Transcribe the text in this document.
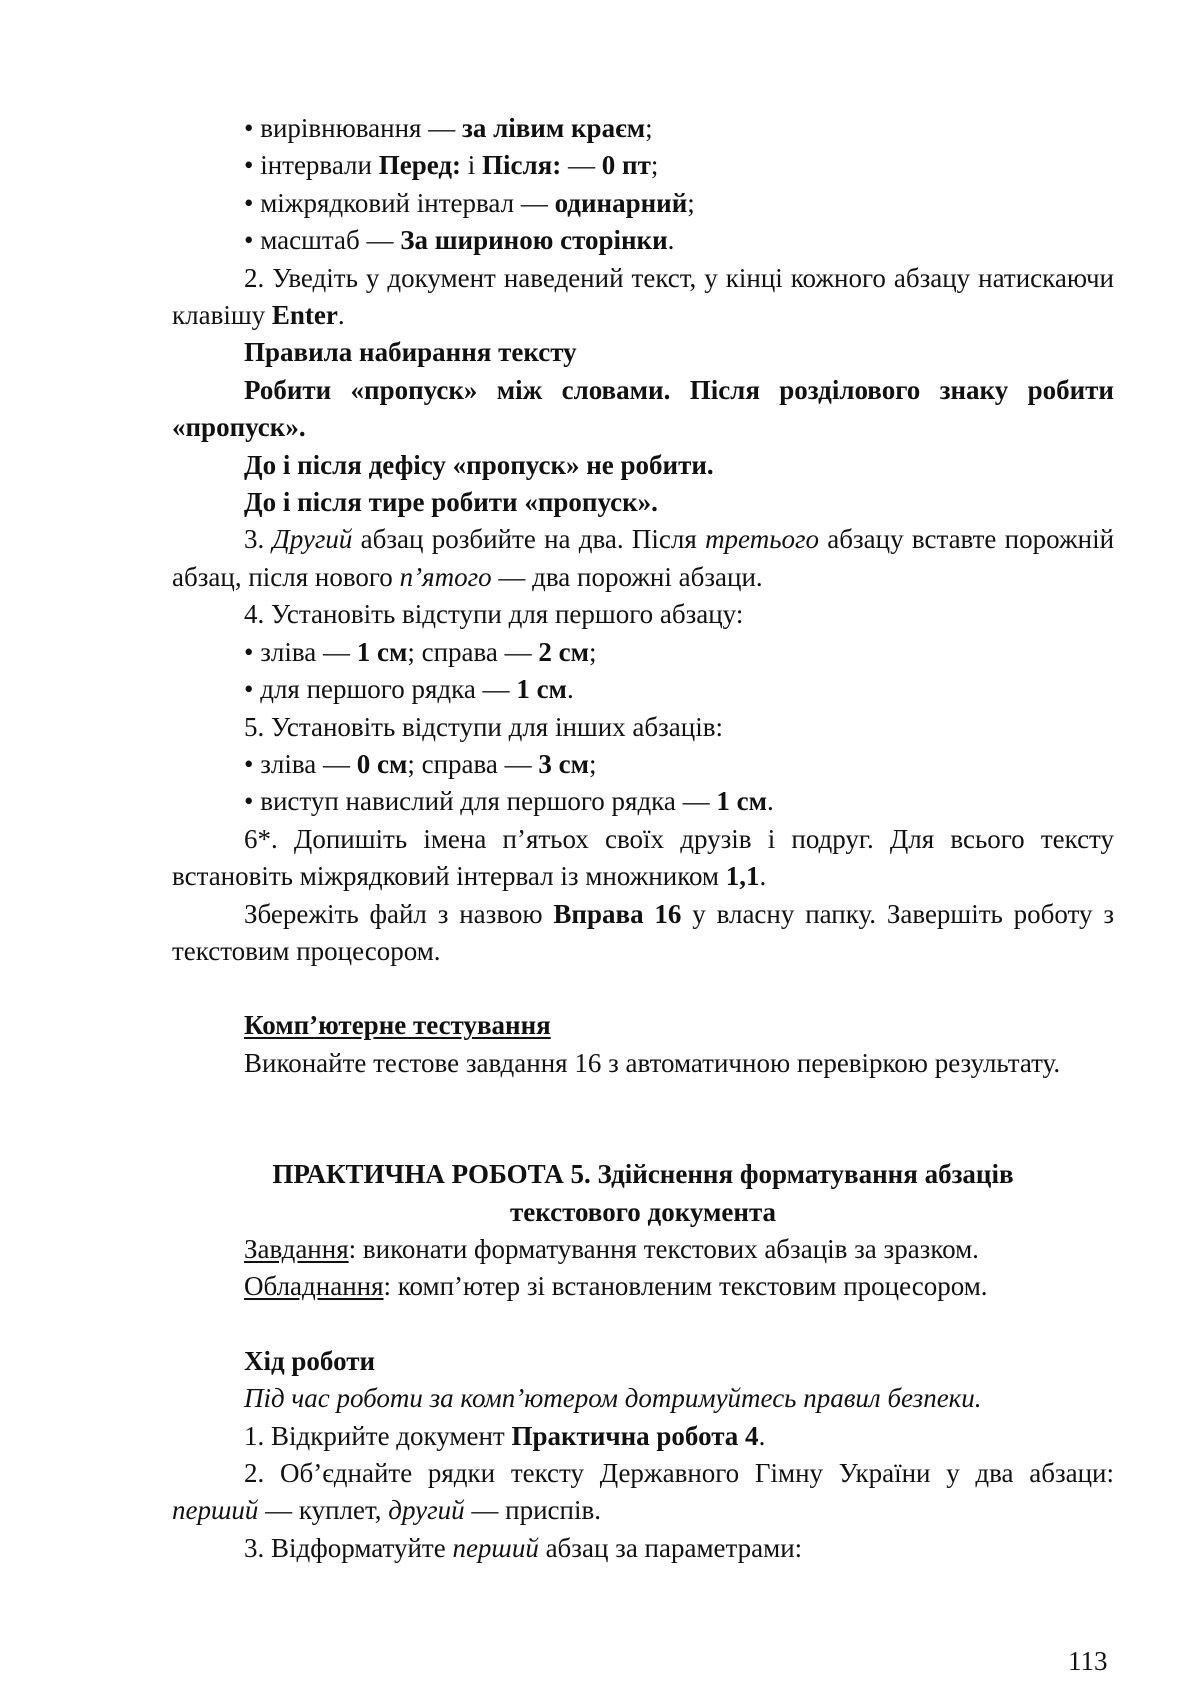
• вирівнювання — за лівим краєм;

• інтервали Перед: і Після: — 0 пт;

• міжрядковий інтервал — одинарний;

• масштаб — За шириною сторінки.

2. Уведіть у документ наведений текст, у кінці кожного абзацу натискаючи клавішу Enter.

Правила набирання тексту

Робити «пропуск» між словами. Після розділового знаку робити «пропуск».

До і після дефісу «пропуск» не робити.

До і після тире робити «пропуск».

3. Другий абзац розбийте на два. Після третього абзацу вставте порожній абзац, після нового п’ятого — два порожні абзаци.

4. Установіть відступи для першого абзацу:

• зліва — 1 см; справа — 2 см;

• для першого рядка — 1 см.

5. Установіть відступи для інших абзаців:

• зліва — 0 см; справа — 3 см;

• виступ навислий для першого рядка — 1 см.

6*. Допишіть імена п’ятьох своїх друзів і подруг. Для всього тексту встановіть міжрядковий інтервал із множником 1,1.

Збережіть файл з назвою Вправа 16 у власну папку. Завершіть роботу з текстовим процесором.

Комп’ютерне тестування

Виконайте тестове завдання 16 з автоматичною перевіркою результату.

ПРАКТИЧНА РОБОТА 5. Здійснення форматування абзаців

текстового документа

Завдання: виконати форматування текстових абзаців за зразком.

Обладнання: комп’ютер зі встановленим текстовим процесором.

Хід роботи

Під час роботи за комп’ютером дотримуйтесь правил безпеки.

1. Відкрийте документ Практична робота 4.

2. Об’єднайте рядки тексту Державного Гімну України у два абзаци: перший — куплет, другий — приспів.

3. Відформатуйте перший абзац за параметрами:

113
